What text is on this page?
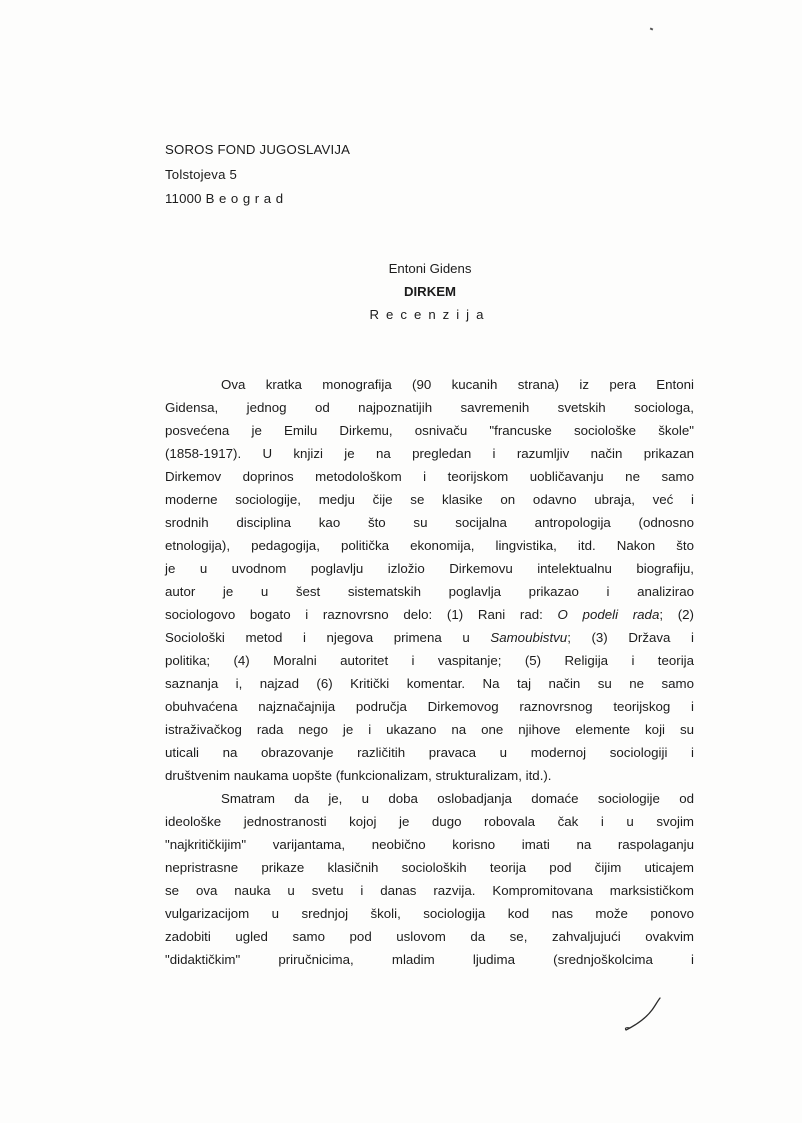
SOROS FOND JUGOSLAVIJA
Tolstojeva 5
11000 Beograd
Entoni Gidens
DIRKEM
Recenzija
Ova kratka monografija (90 kucanih strana) iz pera Entoni
Gidensa, jednog od najpoznatijih savremenih svetskih sociologa,
posvećena je Emilu Dirkemu, osnivaču "francuske sociološke škole"
(1858-1917). U knjizi je na pregledan i razumljiv način prikazan
Dirkemov doprinos metodološkom i teorijskom uobličavanju ne samo
moderne sociologije, medju čije se klasike on odavno ubraja, već i
srodnih disciplina kao što su socijalna antropologija (odnosno
etnologija), pedagogija, politička ekonomija, lingvistika, itd. Nakon što
je u uvodnom poglavlju izložio Dirkemovu intelektualnu biografiju,
autor je u šest sistematskih poglavlja prikazao i analizirao
sociologovo bogato i raznovrsno delo: (1) Rani rad: O podeli rada; (2)
Sociološki metod i njegova primena u Samoubistvu; (3) Država i
politika; (4) Moralni autoritet i vaspitanje; (5) Religija i teorija
saznanja i, najzad (6) Kritički komentar. Na taj način su ne samo
obuhvaćena najznačajnija područja Dirkemovog raznovrsnog teorijskog i
istraživačkog rada nego je i ukazano na one njihove elemente koji su
uticali na obrazovanje različitih pravaca u modernoj sociologiji i
društvenim naukama uopšte (funkcionalizam, strukturalizam, itd.).
Smatram da je, u doba oslobadjanja domaće sociologije od
ideološke jednostranosti kojoj je dugo robovala čak i u svojim
"najkritičkijim" varijantama, neobično korisno imati na raspolaganju
nepristrasne prikaze klasičnih socioloških teorija pod čijim uticajem
se ova nauka u svetu i danas razvija. Kompromitovana marksističkom
vulgarizacijom u srednjoj školi, sociologija kod nas može ponovo
zadobiti ugled samo pod uslovom da se, zahvaljujući ovakvim
"didaktičkim" priručnicima, mladim ljudima (srednjoškolcima i
